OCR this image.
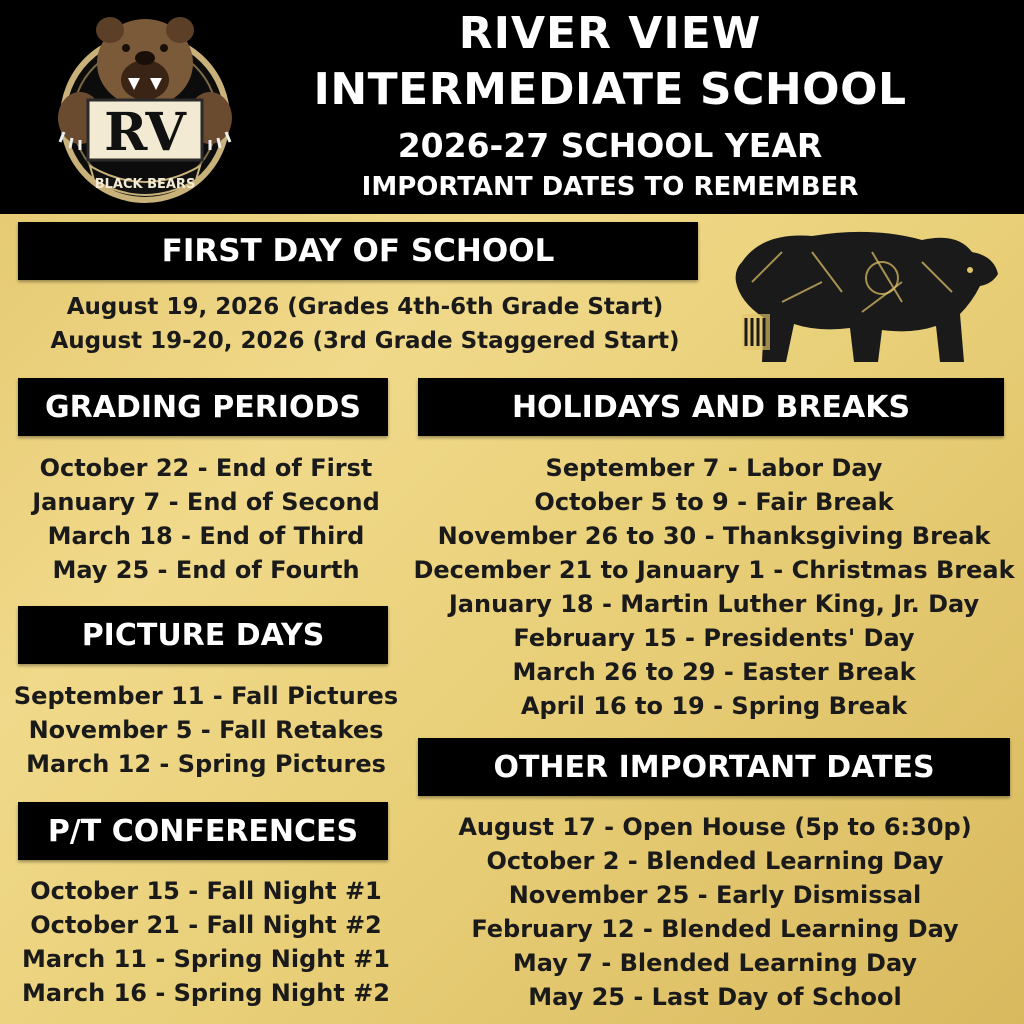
RV
BLACK BEARS
RIVER VIEW
INTERMEDIATE SCHOOL
2026-27 SCHOOL YEAR
IMPORTANT DATES TO REMEMBER
FIRST DAY OF SCHOOL
August 19, 2026 (Grades 4th-6th Grade Start)
August 19-20, 2026 (3rd Grade Staggered Start)
GRADING PERIODS
October 22 - End of First
January 7 - End of Second
March 18 - End of Third
May 25 - End of Fourth
PICTURE DAYS
September 11 - Fall Pictures
November 5 - Fall Retakes
March 12 - Spring Pictures
P/T CONFERENCES
October 15 - Fall Night #1
October 21 - Fall Night #2
March 11 - Spring Night #1
March 16 - Spring Night #2
HOLIDAYS AND BREAKS
September 7 - Labor Day
October 5 to 9 - Fair Break
November 26 to 30 - Thanksgiving Break
December 21 to January 1 - Christmas Break
January 18 - Martin Luther King, Jr. Day
February 15 - Presidents' Day
March 26 to 29 - Easter Break
April 16 to 19 - Spring Break
OTHER IMPORTANT DATES
August 17 - Open House (5p to 6:30p)
October 2 - Blended Learning Day
November 25 - Early Dismissal
February 12 - Blended Learning Day
May 7 - Blended Learning Day
May 25 - Last Day of School
